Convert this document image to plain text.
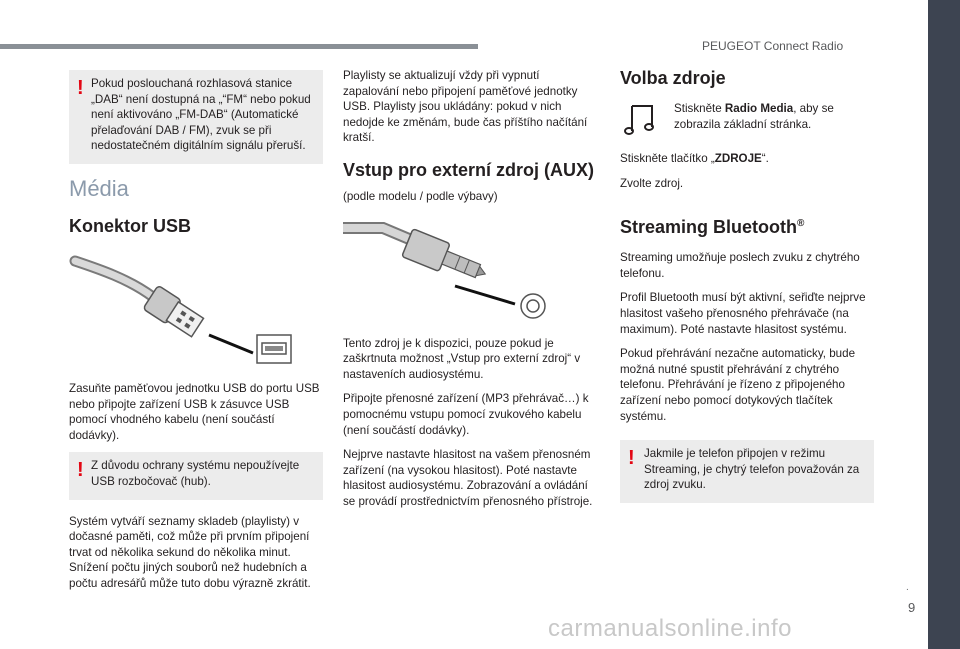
PEUGEOT Connect Radio
.
9
carmanualsonline.info
! Pokud poslouchaná rozhlasová stanice „DAB“ není dostupná na „“FM“ nebo pokud není aktivováno „FM-DAB“ (Automatické přelaďování DAB / FM), zvuk se při nedostatečném digitálním signálu přeruší.
Média
Konektor USB

Zasuňte paměťovou jednotku USB do portu USB nebo připojte zařízení USB k zásuvce USB pomocí vhodného kabelu (není součástí dodávky).

! Z důvodu ochrany systému nepoužívejte USB rozbočovač (hub).

Systém vytváří seznamy skladeb (playlisty) v dočasné paměti, což může při prvním připojení trvat od několika sekund do několika minut. Snížení počtu jiných souborů než hudebních a počtu adresářů může tuto dobu výrazně zkrátit.

Playlisty se aktualizují vždy při vypnutí zapalování nebo připojení paměťové jednotky USB. Playlisty jsou ukládány: pokud v nich nedojde ke změnám, bude čas příštího načítání kratší.

Vstup pro externí zdroj (AUX)

(podle modelu / podle výbavy)

Tento zdroj je k dispozici, pouze pokud je zaškrtnuta možnost „Vstup pro externí zdroj“ v nastaveních audiosystému.

Připojte přenosné zařízení (MP3 přehrávač…) k pomocnému vstupu pomocí zvukového kabelu (není součástí dodávky).

Nejprve nastavte hlasitost na vašem přenosném zařízení (na vysokou hlasitost). Poté nastavte hlasitost audiosystému. Zobrazování a ovládání se provádí prostřednictvím přenosného přístroje.

Volba zdroje

Stiskněte Radio Media, aby se zobrazila základní stránka.

Stiskněte tlačítko „ZDROJE“.

Zvolte zdroj.

Streaming Bluetooth®

Streaming umožňuje poslech zvuku z chytrého telefonu.

Profil Bluetooth musí být aktivní, seřiďte nejprve hlasitost vašeho přenosného přehrávače (na maximum). Poté nastavte hlasitost systému.

Pokud přehrávání nezačne automaticky, bude možná nutné spustit přehrávání z chytrého telefonu. Přehrávání je řízeno z připojeného zařízení nebo pomocí dotykových tlačítek systému.

! Jakmile je telefon připojen v režimu Streaming, je chytrý telefon považován za zdroj zvuku.
